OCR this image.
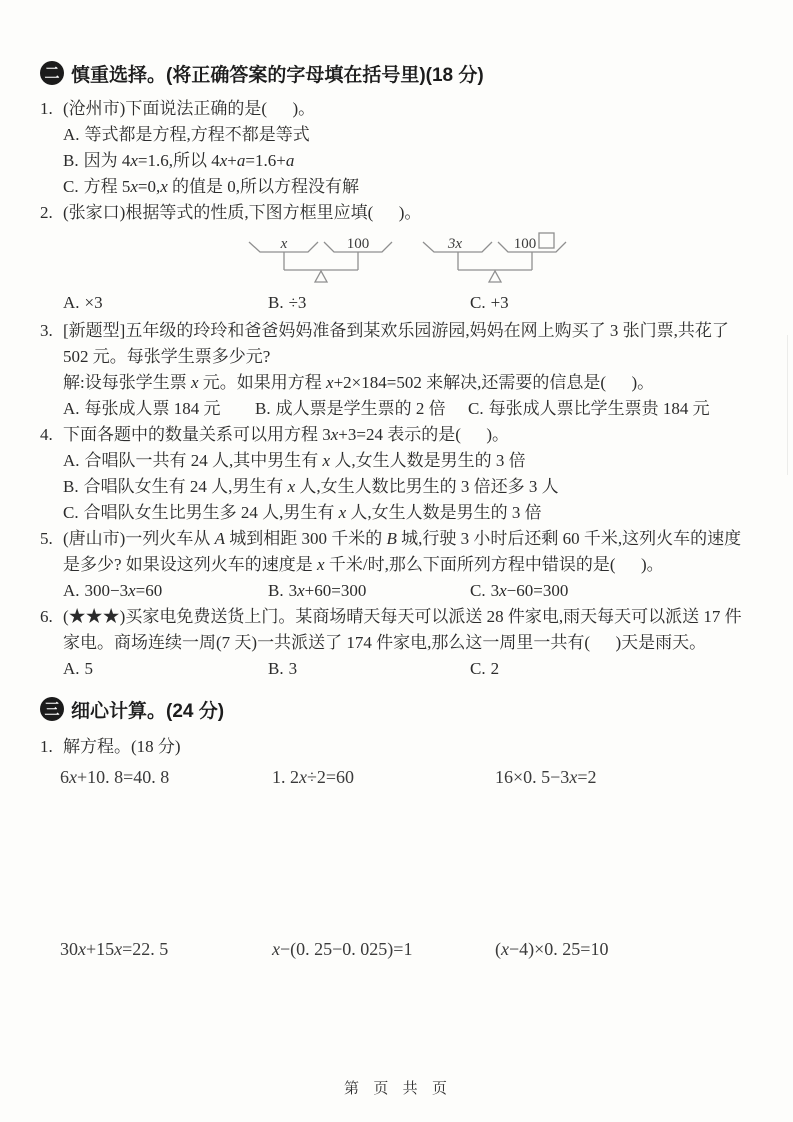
二 慎重选择。(将正确答案的字母填在括号里)(18 分)
1. (沧州市)下面说法正确的是(      )。
A. 等式都是方程,方程不都是等式
B. 因为 4x=1.6,所以 4x+a=1.6+a
C. 方程 5x=0,x 的值是 0,所以方程没有解
2. (张家口)根据等式的性质,下图方框里应填(      )。
x	100	3x	100
A. ×3	B. ÷3	C. +3
3. [新题型]五年级的玲玲和爸爸妈妈准备到某欢乐园游园,妈妈在网上购买了 3 张门票,共花了
502 元。每张学生票多少元?
解:设每张学生票 x 元。如果用方程 x+2×184=502 来解决,还需要的信息是(      )。
A. 每张成人票 184 元	B. 成人票是学生票的 2 倍	C. 每张成人票比学生票贵 184 元
4. 下面各题中的数量关系可以用方程 3x+3=24 表示的是(      )。
A. 合唱队一共有 24 人,其中男生有 x 人,女生人数是男生的 3 倍
B. 合唱队女生有 24 人,男生有 x 人,女生人数比男生的 3 倍还多 3 人
C. 合唱队女生比男生多 24 人,男生有 x 人,女生人数是男生的 3 倍
5. (唐山市)一列火车从 A 城到相距 300 千米的 B 城,行驶 3 小时后还剩 60 千米,这列火车的速度
是多少? 如果设这列火车的速度是 x 千米/时,那么下面所列方程中错误的是(      )。
A. 300−3x=60	B. 3x+60=300	C. 3x−60=300
6. (★★★)买家电免费送货上门。某商场晴天每天可以派送 28 件家电,雨天每天可以派送 17 件
家电。商场连续一周(7 天)一共派送了 174 件家电,那么这一周里一共有(      )天是雨天。
A. 5	B. 3	C. 2
三 细心计算。(24 分)
1. 解方程。(18 分)
6x+10. 8=40. 8	1. 2x÷2=60	16×0. 5−3x=2
30x+15x=22. 5	x−(0. 25−0. 025)=1	(x−4)×0. 25=10
第  页  共  页
